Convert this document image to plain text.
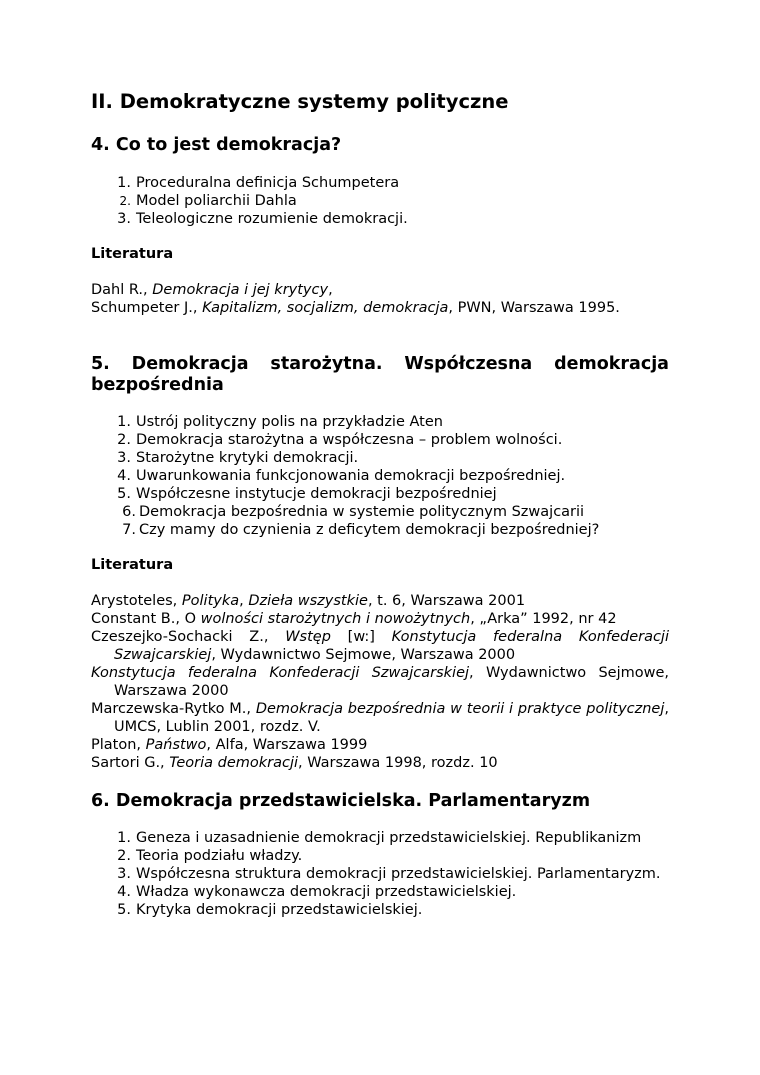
II. Demokratyczne systemy polityczne
4. Co to jest demokracja?
1. Proceduralna definicja Schumpetera
2. Model poliarchii Dahla
3. Teleologiczne rozumienie demokracji.
Literatura

Dahl R., Demokracja i jej krytycy,

Schumpeter J., Kapitalizm, socjalizm, demokracja, PWN, Warszawa 1995.

5. Demokracja starożytna. Współczesna demokracja bezpośrednia
1. Ustrój polityczny polis na przykładzie Aten
2. Demokracja starożytna a współczesna – problem wolności.
3. Starożytne krytyki demokracji.
4. Uwarunkowania funkcjonowania demokracji bezpośredniej.
5. Współczesne instytucje demokracji bezpośredniej
6. Demokracja bezpośrednia w systemie politycznym Szwajcarii
7. Czy mamy do czynienia z deficytem demokracji bezpośredniej?
Literatura

Arystoteles, Polityka, Dzieła wszystkie, t. 6, Warszawa 2001

Constant B., O wolności starożytnych i nowożytnych, „Arka” 1992, nr 42

Czeszejko-Sochacki Z., Wstęp [w:] Konstytucja federalna Konfederacji Szwajcarskiej, Wydawnictwo Sejmowe, Warszawa 2000

Konstytucja federalna Konfederacji Szwajcarskiej, Wydawnictwo Sejmowe, Warszawa 2000

Marczewska-Rytko M., Demokracja bezpośrednia w teorii i praktyce politycznej, UMCS, Lublin 2001, rozdz. V.

Platon, Państwo, Alfa, Warszawa 1999

Sartori G., Teoria demokracji, Warszawa 1998, rozdz. 10

6. Demokracja przedstawicielska. Parlamentaryzm
1. Geneza i uzasadnienie demokracji przedstawicielskiej. Republikanizm
2. Teoria podziału władzy.
3. Współczesna struktura demokracji przedstawicielskiej. Parlamentaryzm.
4. Władza wykonawcza demokracji przedstawicielskiej.
5. Krytyka demokracji przedstawicielskiej.
